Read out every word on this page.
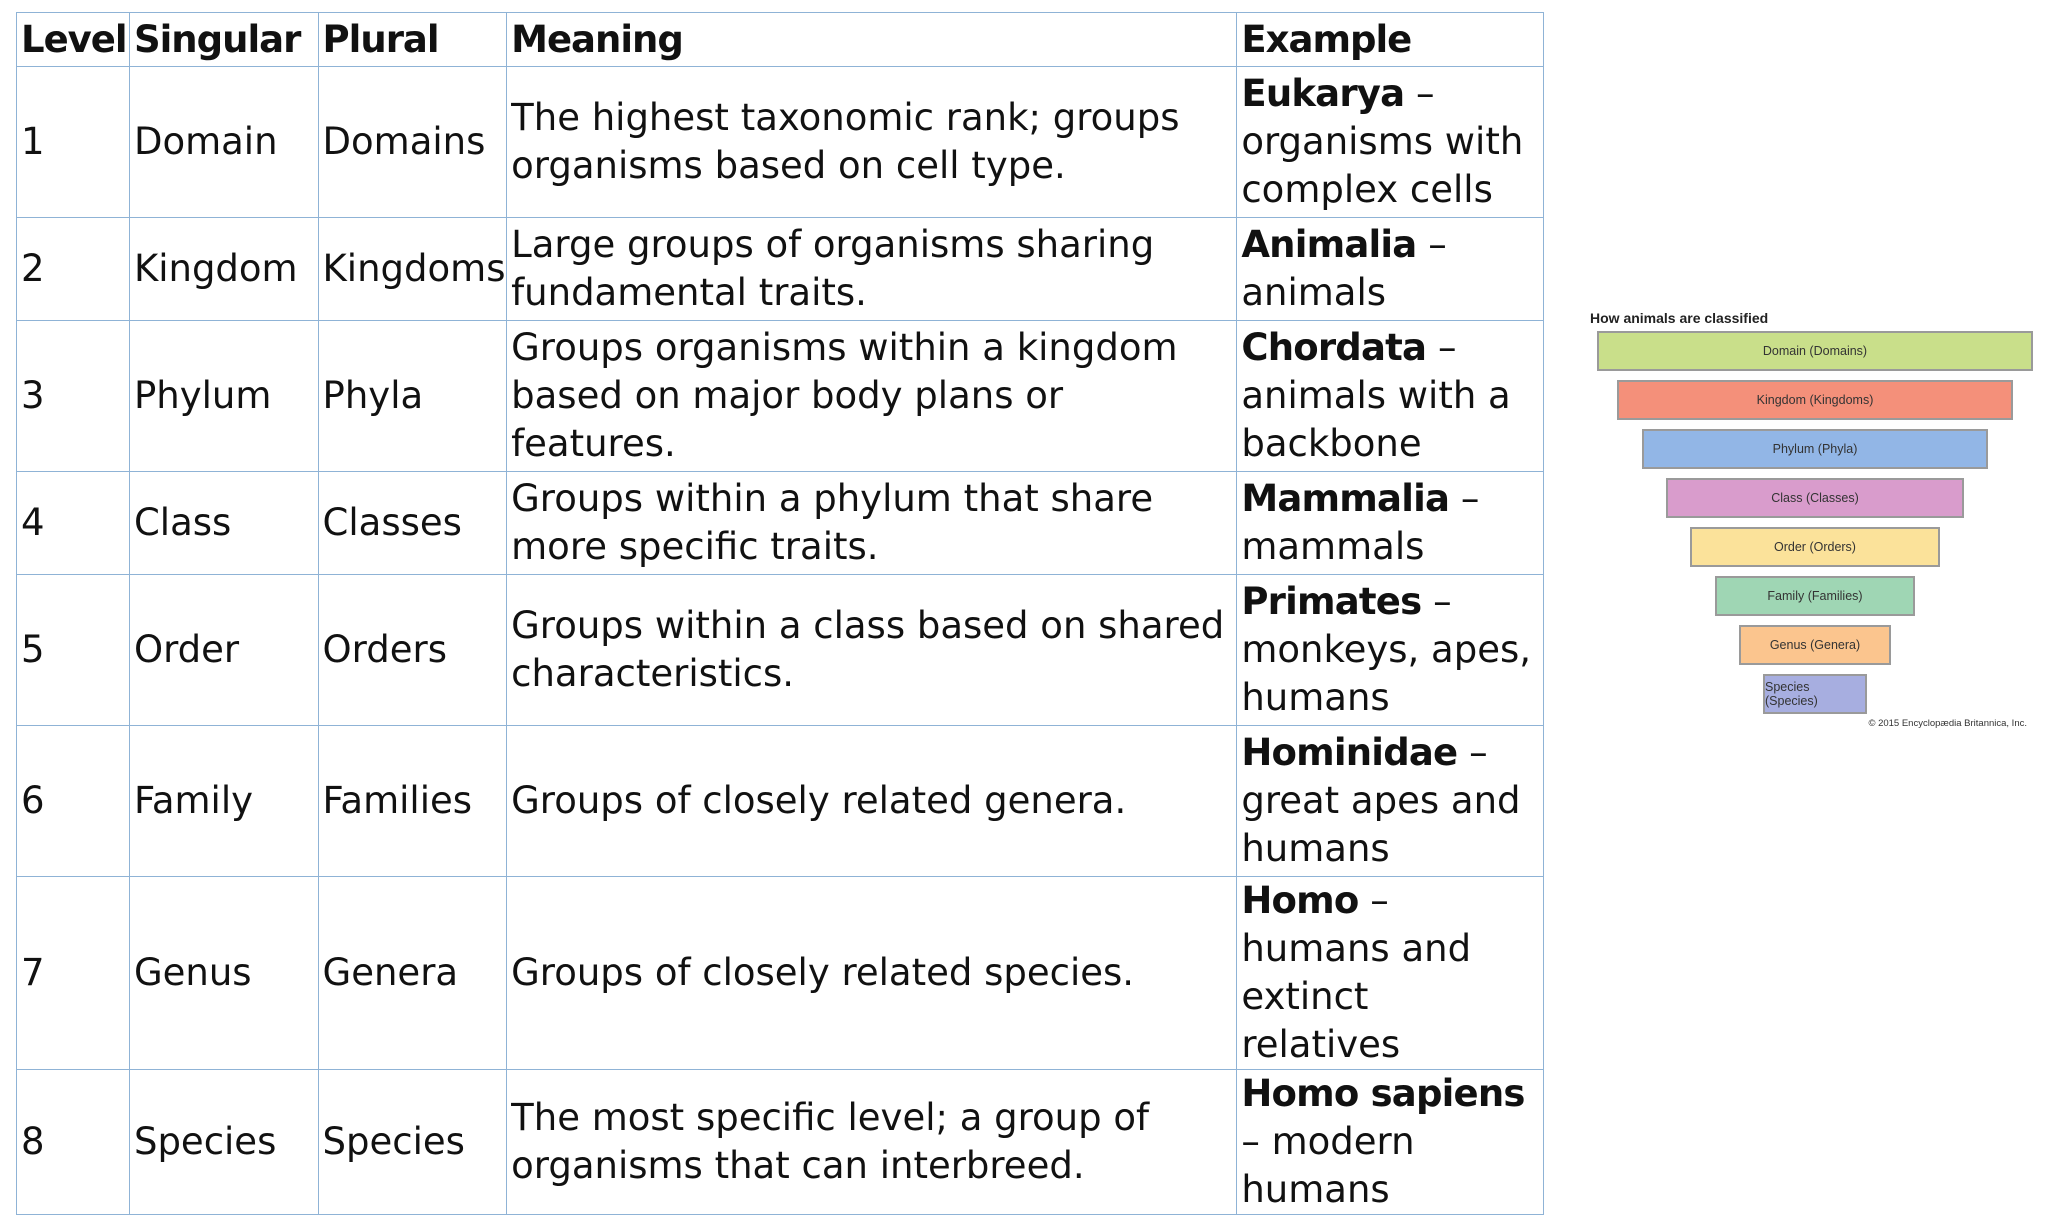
Level	Singular	Plural	Meaning	Example
1	Domain	Domains	The highest taxonomic rank; groups organisms based on cell type.	Eukarya – organisms with complex cells
2	Kingdom	Kingdoms	Large groups of organisms sharing fundamental traits.	Animalia – animals
3	Phylum	Phyla	Groups organisms within a kingdom based on major body plans or features.	Chordata – animals with a backbone
4	Class	Classes	Groups within a phylum that share more specific traits.	Mammalia – mammals
5	Order	Orders	Groups within a class based on shared characteristics.	Primates – monkeys, apes, humans
6	Family	Families	Groups of closely related genera.	Hominidae – great apes and humans
7	Genus	Genera	Groups of closely related species.	Homo – humans and extinct relatives
8	Species	Species	The most specific level; a group of organisms that can interbreed.	Homo sapiens – modern humans
How animals are classified
Domain (Domains)
Kingdom (Kingdoms)
Phylum (Phyla)
Class (Classes)
Order (Orders)
Family (Families)
Genus (Genera)
Species (Species)
© 2015 Encyclopædia Britannica, Inc.
